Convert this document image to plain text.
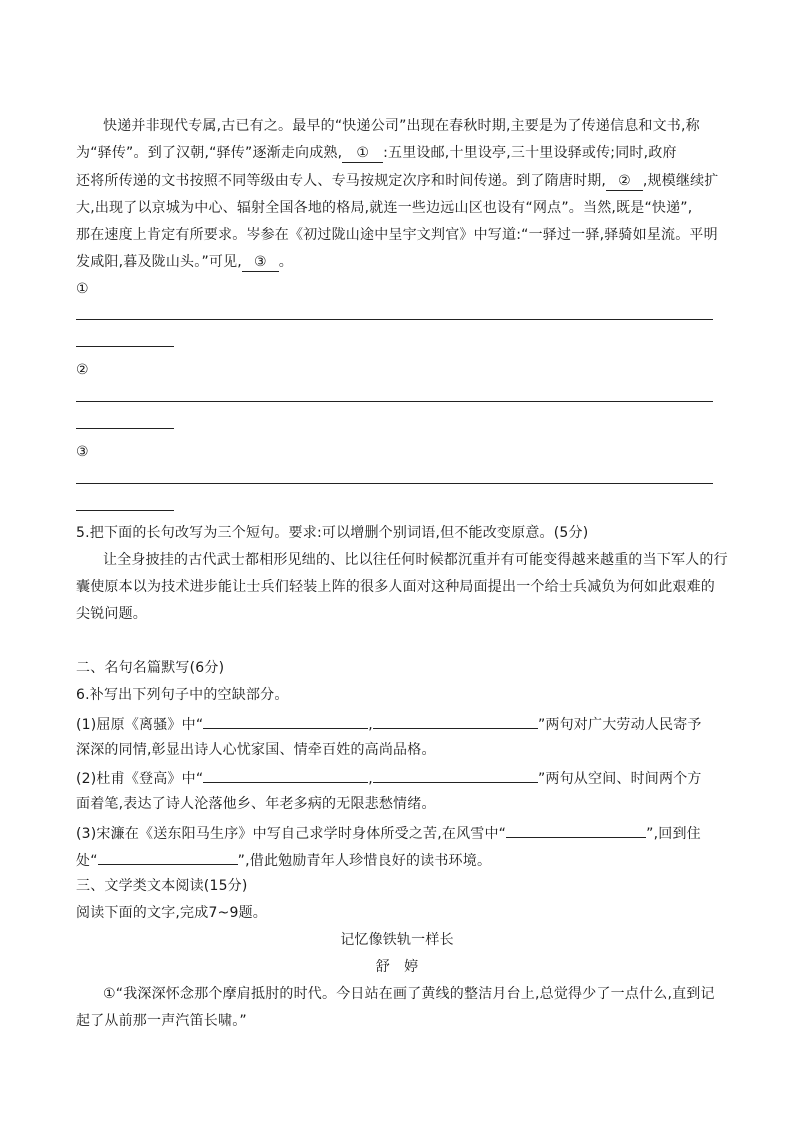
快递并非现代专属,古已有之。最早的“快递公司”出现在春秋时期,主要是为了传递信息和文书,称
为“驿传”。到了汉朝,“驿传”逐渐走向成熟, ① :五里设邮,十里设亭,三十里设驿或传;同时,政府
还将所传递的文书按照不同等级由专人、专马按规定次序和时间传递。到了隋唐时期, ② ,规模继续扩
大,出现了以京城为中心、辐射全国各地的格局,就连一些边远山区也设有“网点”。当然,既是“快递”,
那在速度上肯定有所要求。岑参在《初过陇山途中呈宇文判官》中写道:“一驿过一驿,驿骑如星流。平明
发咸阳,暮及陇山头。”可见, ③ 。
①
②
③
5.把下面的长句改写为三个短句。要求:可以增删个别词语,但不能改变原意。(5分)
让全身披挂的古代武士都相形见绌的、比以往任何时候都沉重并有可能变得越来越重的当下军人的行
囊使原本以为技术进步能让士兵们轻装上阵的很多人面对这种局面提出一个给士兵减负为何如此艰难的
尖锐问题。
二、名句名篇默写(6分)
6.补写出下列句子中的空缺部分。
(1)屈原《离骚》中“	,	”两句对广大劳动人民寄予
深深的同情,彰显出诗人心忧家国、情牵百姓的高尚品格。
(2)杜甫《登高》中“	,	”两句从空间、时间两个方
面着笔,表达了诗人沦落他乡、年老多病的无限悲愁情绪。
(3)宋濂在《送东阳马生序》中写自己求学时身体所受之苦,在风雪中“	”,回到住
处“	”,借此勉励青年人珍惜良好的读书环境。
三、文学类文本阅读(15分)
阅读下面的文字,完成7~9题。
记忆像铁轨一样长
舒　婷
①“我深深怀念那个摩肩抵肘的时代。今日站在画了黄线的整洁月台上,总觉得少了一点什么,直到记
起了从前那一声汽笛长啸。”
